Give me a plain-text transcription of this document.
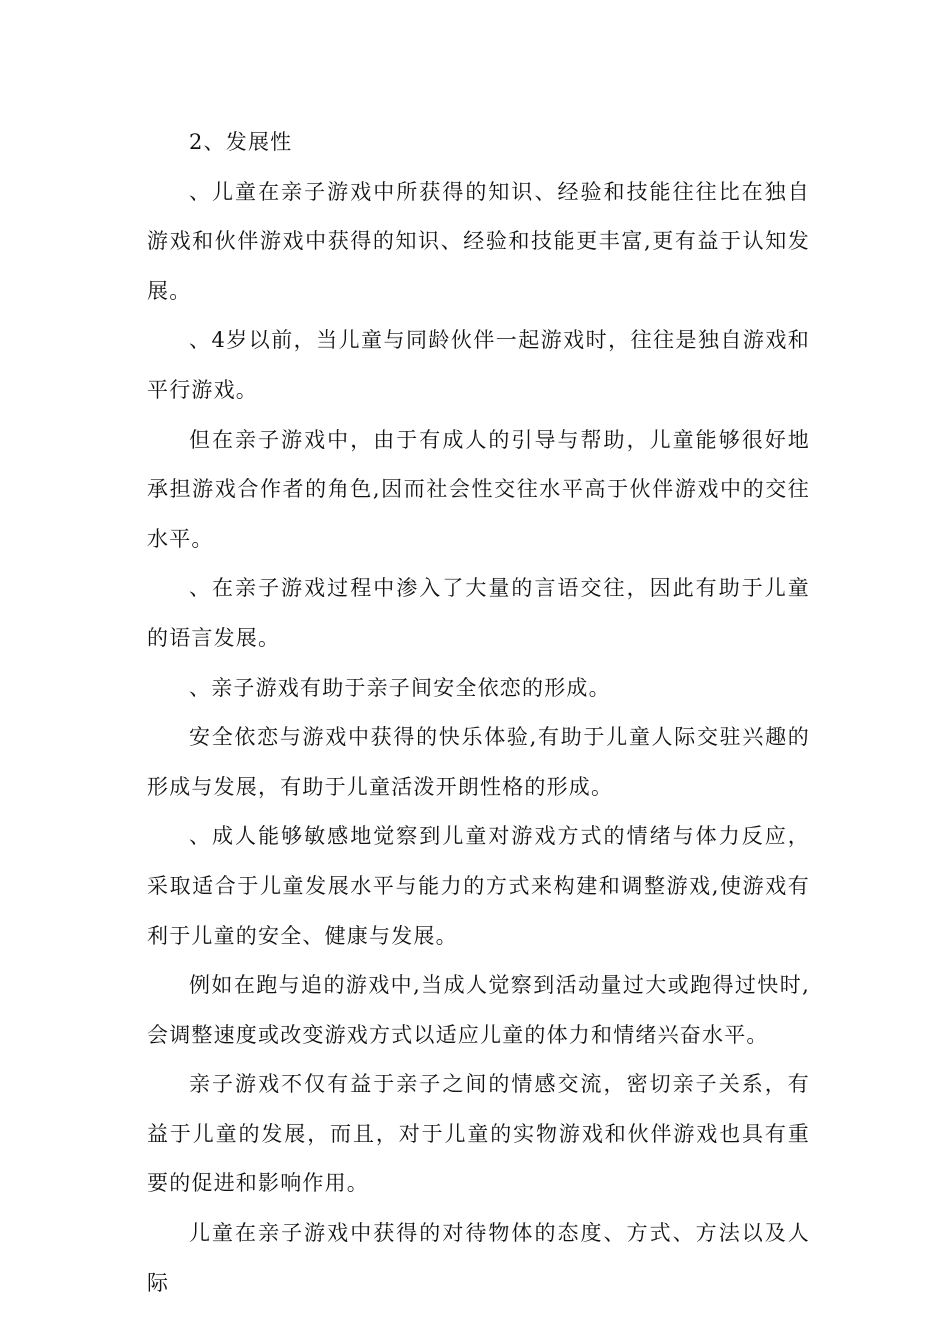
2、发展性

、儿童在亲子游戏中所获得的知识、经验和技能往往比在独自游戏和伙伴游戏中获得的知识、经验和技能更丰富,更有益于认知发展。

、4岁以前，当儿童与同龄伙伴一起游戏时，往往是独自游戏和平行游戏。

但在亲子游戏中，由于有成人的引导与帮助，儿童能够很好地承担游戏合作者的角色,因而社会性交往水平高于伙伴游戏中的交往水平。

、在亲子游戏过程中渗入了大量的言语交往，因此有助于儿童的语言发展。

、亲子游戏有助于亲子间安全依恋的形成。

安全依恋与游戏中获得的快乐体验,有助于儿童人际交驻兴趣的形成与发展，有助于儿童活泼开朗性格的形成。

、成人能够敏感地觉察到儿童对游戏方式的情绪与体力反应，采取适合于儿童发展水平与能力的方式来构建和调整游戏,使游戏有利于儿童的安全、健康与发展。

例如在跑与追的游戏中,当成人觉察到活动量过大或跑得过快时,会调整速度或改变游戏方式以适应儿童的体力和情绪兴奋水平。

亲子游戏不仅有益于亲子之间的情感交流，密切亲子关系，有益于儿童的发展，而且，对于儿童的实物游戏和伙伴游戏也具有重要的促进和影响作用。

儿童在亲子游戏中获得的对待物体的态度、方式、方法以及人际
